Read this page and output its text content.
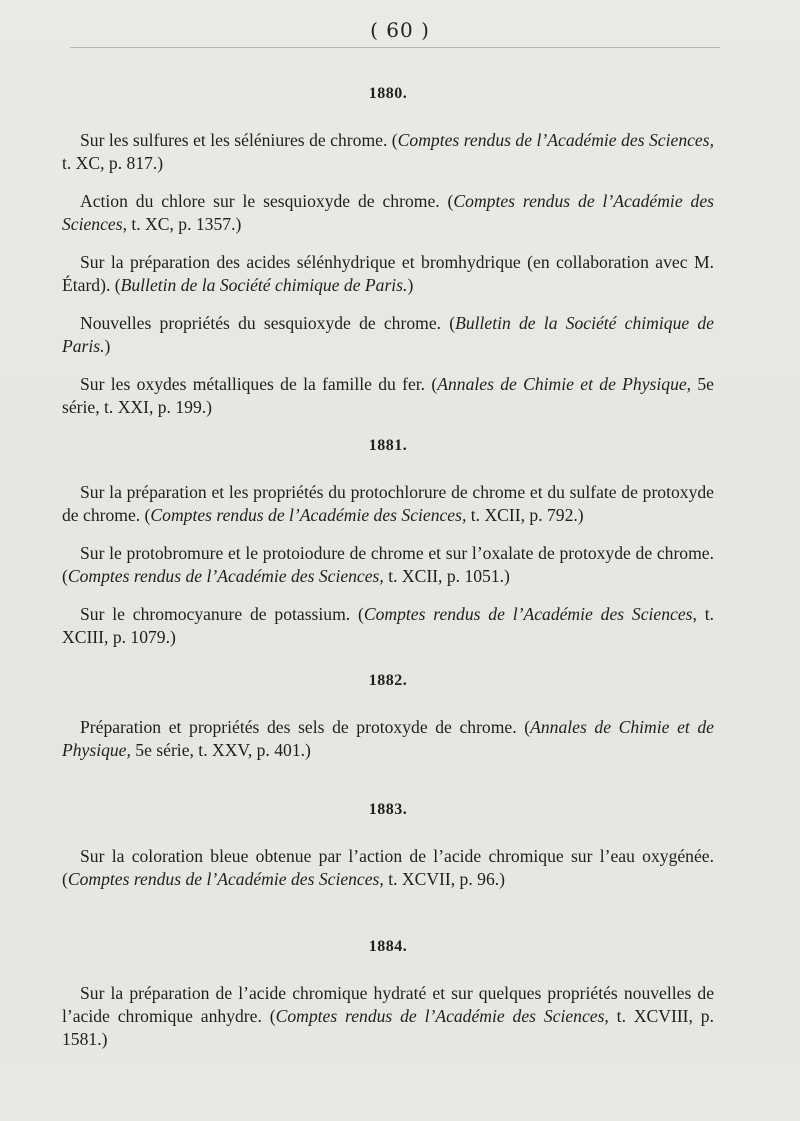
( 60 )
1880.

Sur les sulfures et les séléniures de chrome. (Comptes rendus de l’Académie des Sciences, t. XC, p. 817.)

Action du chlore sur le sesquioxyde de chrome. (Comptes rendus de l’Académie des Sciences, t. XC, p. 1357.)

Sur la préparation des acides sélénhydrique et bromhydrique (en collaboration avec M. Étard). (Bulletin de la Société chimique de Paris.)

Nouvelles propriétés du sesquioxyde de chrome. (Bulletin de la Société chimique de Paris.)

Sur les oxydes métalliques de la famille du fer. (Annales de Chimie et de Physique, 5e série, t. XXI, p. 199.)

1881.

Sur la préparation et les propriétés du protochlorure de chrome et du sulfate de protoxyde de chrome. (Comptes rendus de l’Académie des Sciences, t. XCII, p. 792.)

Sur le protobromure et le protoiodure de chrome et sur l’oxalate de protoxyde de chrome. (Comptes rendus de l’Académie des Sciences, t. XCII, p. 1051.)

Sur le chromocyanure de potassium. (Comptes rendus de l’Académie des Sciences, t. XCIII, p. 1079.)

1882.

Préparation et propriétés des sels de protoxyde de chrome. (Annales de Chimie et de Physique, 5e série, t. XXV, p. 401.)

1883.

Sur la coloration bleue obtenue par l’action de l’acide chromique sur l’eau oxygénée. (Comptes rendus de l’Académie des Sciences, t. XCVII, p. 96.)

1884.

Sur la préparation de l’acide chromique hydraté et sur quelques propriétés nouvelles de l’acide chromique anhydre. (Comptes rendus de l’Académie des Sciences, t. XCVIII, p. 1581.)
